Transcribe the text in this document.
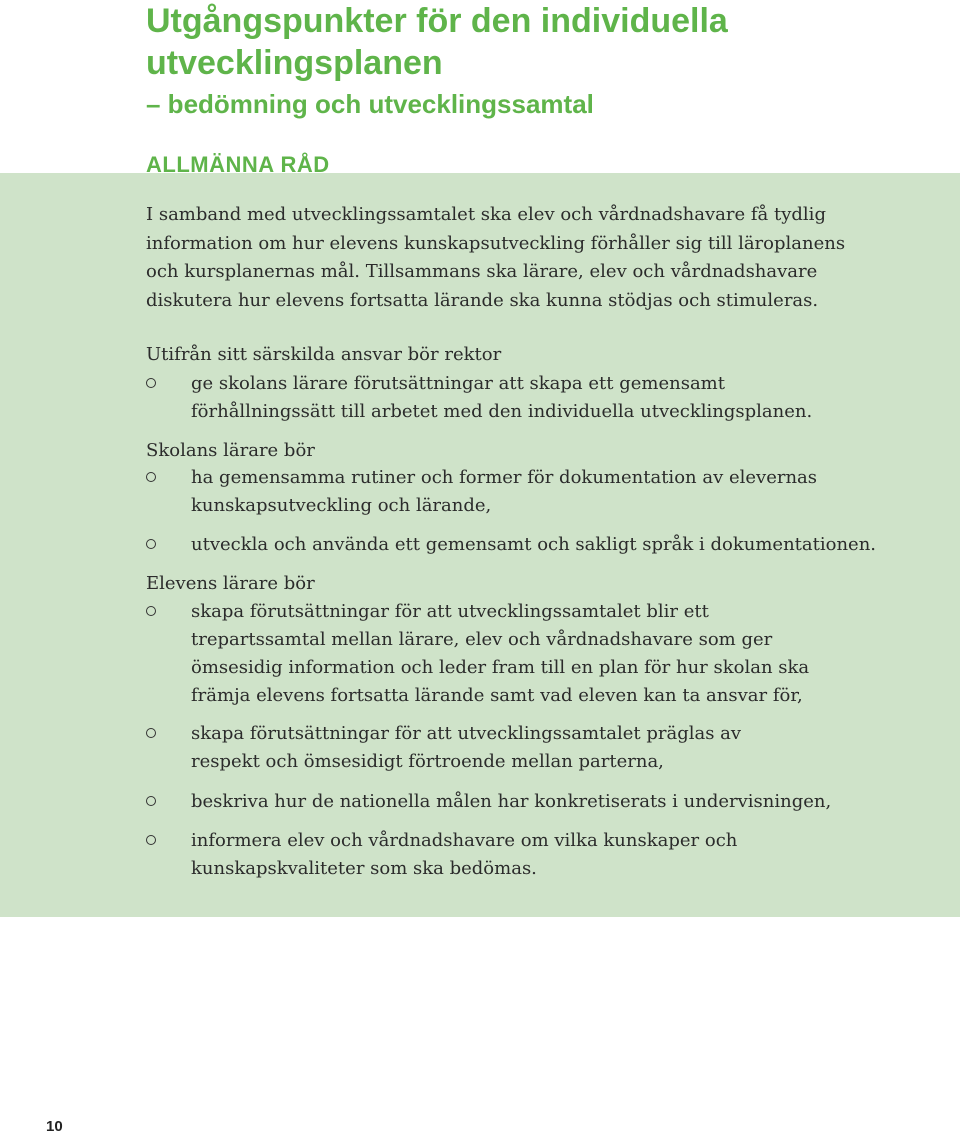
Utgångspunkter för den individuella utvecklingsplanen
– bedömning och utvecklingssamtal
ALLMÄNNA RÅD
I samband med utvecklingssamtalet ska elev och vårdnadshavare få tydlig information om hur elevens kunskapsutveckling förhåller sig till läroplanens och kursplanernas mål. Tillsammans ska lärare, elev och vårdnadshavare diskutera hur elevens fortsatta lärande ska kunna stödjas och stimuleras.
Utifrån sitt särskilda ansvar bör rektor
ge skolans lärare förutsättningar att skapa ett gemensamt förhållningssätt till arbetet med den individuella utvecklingsplanen.
Skolans lärare bör
ha gemensamma rutiner och former för dokumentation av elevernas kunskapsutveckling och lärande,
utveckla och använda ett gemensamt och sakligt språk i dokumentationen.
Elevens lärare bör
skapa förutsättningar för att utvecklingssamtalet blir ett trepartssamtal mellan lärare, elev och vårdnadshavare som ger ömsesidig information och leder fram till en plan för hur skolan ska främja elevens fortsatta lärande samt vad eleven kan ta ansvar för,
skapa förutsättningar för att utvecklingssamtalet präglas av respekt och ömsesidigt förtroende mellan parterna,
beskriva hur de nationella målen har konkretiserats i undervisningen,
informera elev och vårdnadshavare om vilka kunskaper och kunskapskvaliteter som ska bedömas.
10
